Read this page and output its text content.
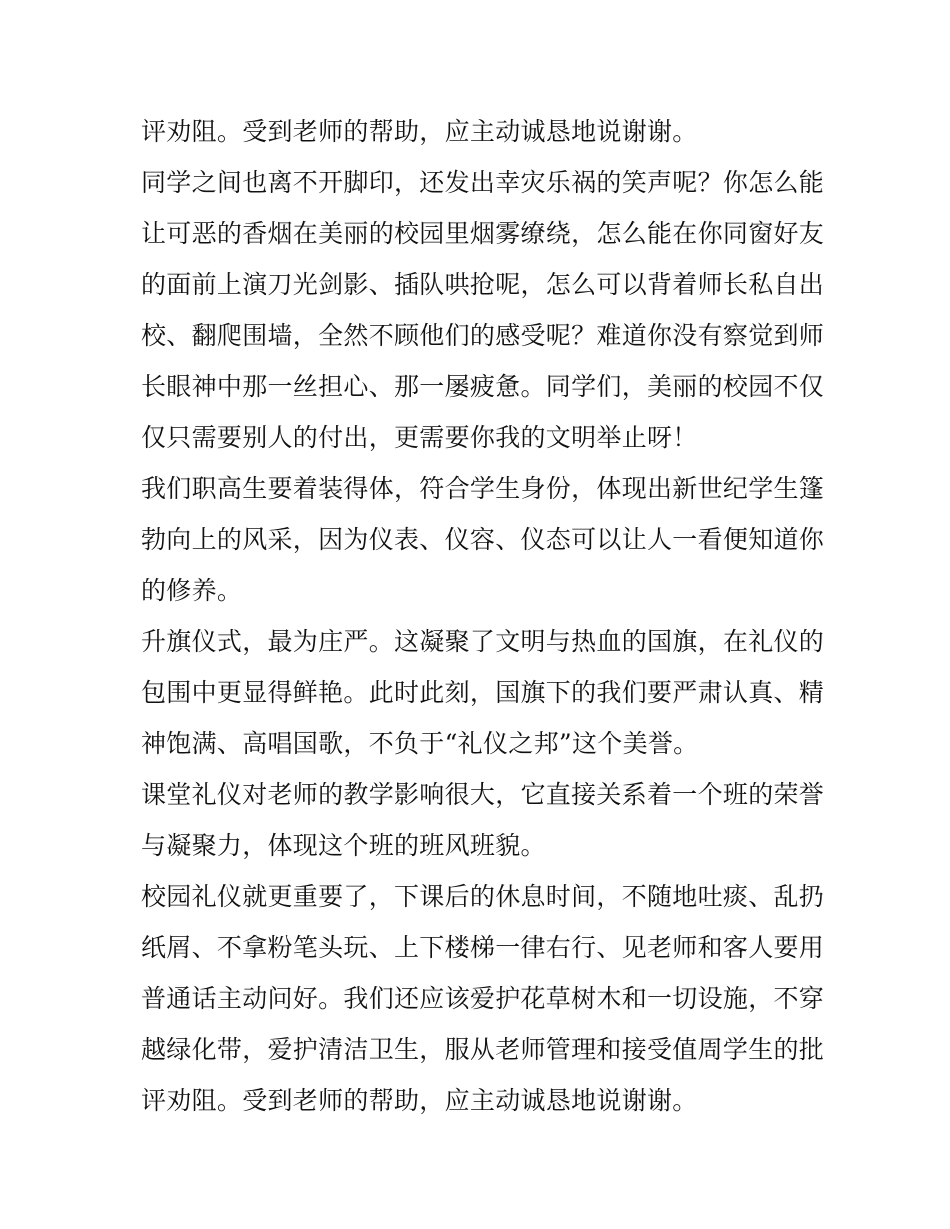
评劝阻。受到老师的帮助，应主动诚恳地说谢谢。
同学之间也离不开脚印，还发出幸灾乐祸的笑声呢？你怎么能
让可恶的香烟在美丽的校园里烟雾缭绕，怎么能在你同窗好友
的面前上演刀光剑影、插队哄抢呢，怎么可以背着师长私自出
校、翻爬围墙，全然不顾他们的感受呢？难道你没有察觉到师
长眼神中那一丝担心、那一屡疲惫。同学们，美丽的校园不仅
仅只需要别人的付出，更需要你我的文明举止呀！
我们职高生要着装得体，符合学生身份，体现出新世纪学生篷
勃向上的风采，因为仪表、仪容、仪态可以让人一看便知道你
的修养。
升旗仪式，最为庄严。这凝聚了文明与热血的国旗，在礼仪的
包围中更显得鲜艳。此时此刻，国旗下的我们要严肃认真、精
神饱满、高唱国歌，不负于“礼仪之邦”这个美誉。
课堂礼仪对老师的教学影响很大，它直接关系着一个班的荣誉
与凝聚力，体现这个班的班风班貌。
校园礼仪就更重要了，下课后的休息时间，不随地吐痰、乱扔
纸屑、不拿粉笔头玩、上下楼梯一律右行、见老师和客人要用
普通话主动问好。我们还应该爱护花草树木和一切设施，不穿
越绿化带，爱护清洁卫生，服从老师管理和接受值周学生的批
评劝阻。受到老师的帮助，应主动诚恳地说谢谢。
